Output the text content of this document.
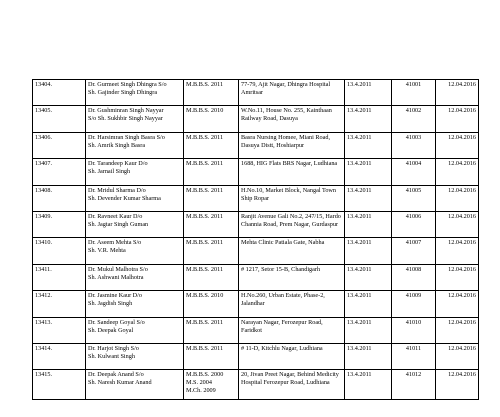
13404.	Dr. Gurmeet Singh Dhingra S/o
Sh. Gajinder Singh Dhingra	M.B.B.S. 2011	77-79, Ajit Nagar, Dhingra Hospital
Amritsar	13.4.2011	41001	12.04.2016
13405.	Dr. Gushminran Singh Nayyar
S/o Sh. Sukhbir Singh Nayyar	M.B.B.S. 2010	W.No.11, House No. 255, Kainthaan
Railway Road, Dasuya	13.4.2011	41002	12.04.2016
13406.	Dr. Harsimran Singh Basra S/o
Sh. Amrik Singh Basra	M.B.B.S. 2011	Basra Nursing Homee, Miani Road,
Dasuya Distt, Hoshiarpur	13.4.2011	41003	12.04.2016
13407.	Dr. Tarandeep Kaur D/o
Sh. Jarnail Singh	M.B.B.S. 2011	1688, HIG Flats BRS Nagar, Ludhiana	13.4.2011	41004	12.04.2016
13408.	Dr. Mridul Sharma D/o
Sh. Devender Kumar Sharma	M.B.B.S. 2011	H.No.10, Market Block, Nangal Town
Ship Ropar	13.4.2011	41005	12.04.2016
13409.	Dr. Ravneet Kaur D/o
Sh. Jagtar Singh Guman	M.B.B.S. 2011	Ranjit Avenue Gali No.2, 247/15, Hardo
Channia Road, Prem Nagar, Gurdaspur	13.4.2011	41006	12.04.2016
13410.	Dr. Aseem Mehta S/o
Sh. V.R. Mehta	M.B.B.S. 2011	Mehta Clinic Patiala Gate, Nabha	13.4.2011	41007	12.04.2016
13411.	Dr. Mukul Malhotra S/o
Sh. Ashwani Malhotra	M.B.B.S. 2011	# 1217, Setor 15-B, Chandigarh	13.4.2011	41008	12.04.2016
13412.	Dr. Jasmine Kaur D/o
Sh. Jagdish Singh	M.B.B.S. 2010	H.No.260, Urban Estate, Phase-2,
Jalandhar	13.4.2011	41009	12.04.2016
13413.	Dr. Sandeep Goyal S/o
Sh. Deepak Goyal	M.B.B.S. 2011	Narayan Nagar, Ferozepur Road,
Faridkot	13.4.2011	41010	12.04.2016
13414.	Dr. Harjot Singh S/o
Sh. Kulwant Singh	M.B.B.S. 2011	# 11-D, Kitchlu Nagar, Ludhiana	13.4.2011	41011	12.04.2016
13415.	Dr. Deepak Anand S/o
Sh. Naresh Kumar Anand	M.B.B.S. 2000
M.S. 2004
M.Ch. 2009	20, Jivan Preet Nagar, Behind Medicity
Hospital Ferozepur Road, Ludhiana	13.4.2011	41012	12.04.2016
